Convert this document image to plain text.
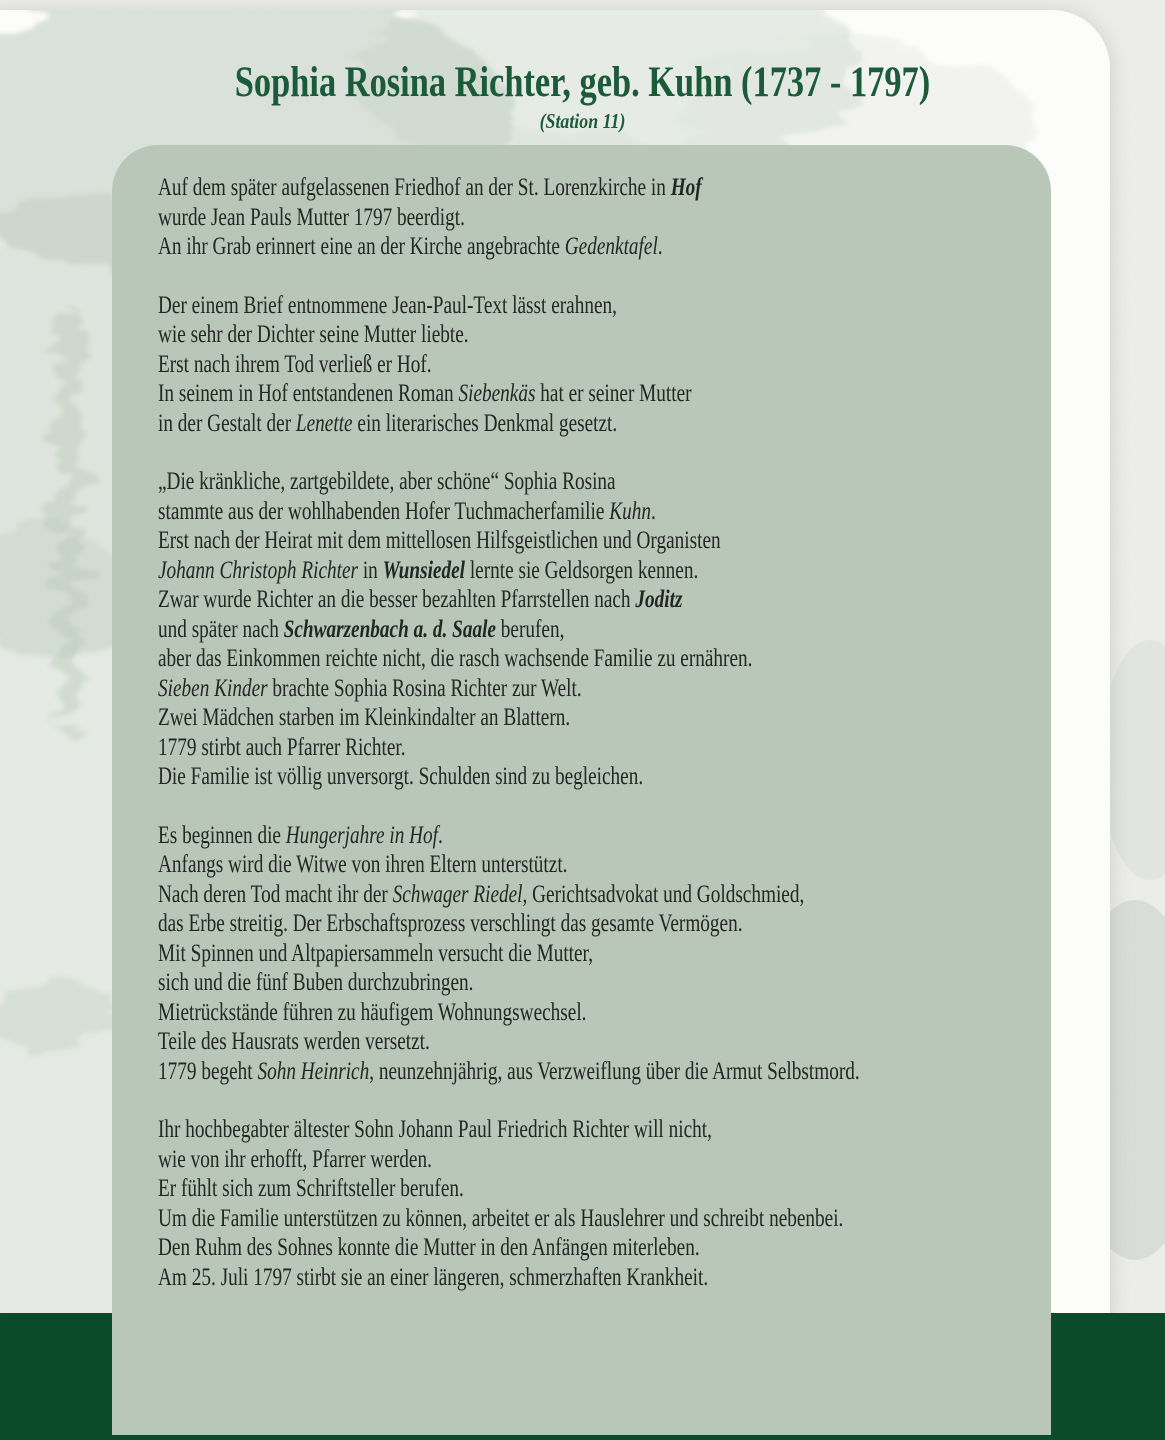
Sophia Rosina Richter, geb. Kuhn (1737 - 1797)
(Station 11)
Auf dem später aufgelassenen Friedhof an der St. Lorenzkirche in Hof
wurde Jean Pauls Mutter 1797 beerdigt.
An ihr Grab erinnert eine an der Kirche angebrachte Gedenktafel.
Der einem Brief entnommene Jean-Paul-Text lässt erahnen,
wie sehr der Dichter seine Mutter liebte.
Erst nach ihrem Tod verließ er Hof.
In seinem in Hof entstandenen Roman Siebenkäs hat er seiner Mutter
in der Gestalt der Lenette ein literarisches Denkmal gesetzt.
„Die kränkliche, zartgebildete, aber schöne“ Sophia Rosina
stammte aus der wohlhabenden Hofer Tuchmacherfamilie Kuhn.
Erst nach der Heirat mit dem mittellosen Hilfsgeistlichen und Organisten
Johann Christoph Richter in Wunsiedel lernte sie Geldsorgen kennen.
Zwar wurde Richter an die besser bezahlten Pfarrstellen nach Joditz
und später nach Schwarzenbach a. d. Saale berufen,
aber das Einkommen reichte nicht, die rasch wachsende Familie zu ernähren.
Sieben Kinder brachte Sophia Rosina Richter zur Welt.
Zwei Mädchen starben im Kleinkindalter an Blattern.
1779 stirbt auch Pfarrer Richter.
Die Familie ist völlig unversorgt. Schulden sind zu begleichen.
Es beginnen die Hungerjahre in Hof.
Anfangs wird die Witwe von ihren Eltern unterstützt.
Nach deren Tod macht ihr der Schwager Riedel, Gerichtsadvokat und Goldschmied,
das Erbe streitig. Der Erbschaftsprozess verschlingt das gesamte Vermögen.
Mit Spinnen und Altpapiersammeln versucht die Mutter,
sich und die fünf Buben durchzubringen.
Mietrückstände führen zu häufigem Wohnungswechsel.
Teile des Hausrats werden versetzt.
1779 begeht Sohn Heinrich, neunzehnjährig, aus Verzweiflung über die Armut Selbstmord.
Ihr hochbegabter ältester Sohn Johann Paul Friedrich Richter will nicht,
wie von ihr erhofft, Pfarrer werden.
Er fühlt sich zum Schriftsteller berufen.
Um die Familie unterstützen zu können, arbeitet er als Hauslehrer und schreibt nebenbei.
Den Ruhm des Sohnes konnte die Mutter in den Anfängen miterleben.
Am 25. Juli 1797 stirbt sie an einer längeren, schmerzhaften Krankheit.
